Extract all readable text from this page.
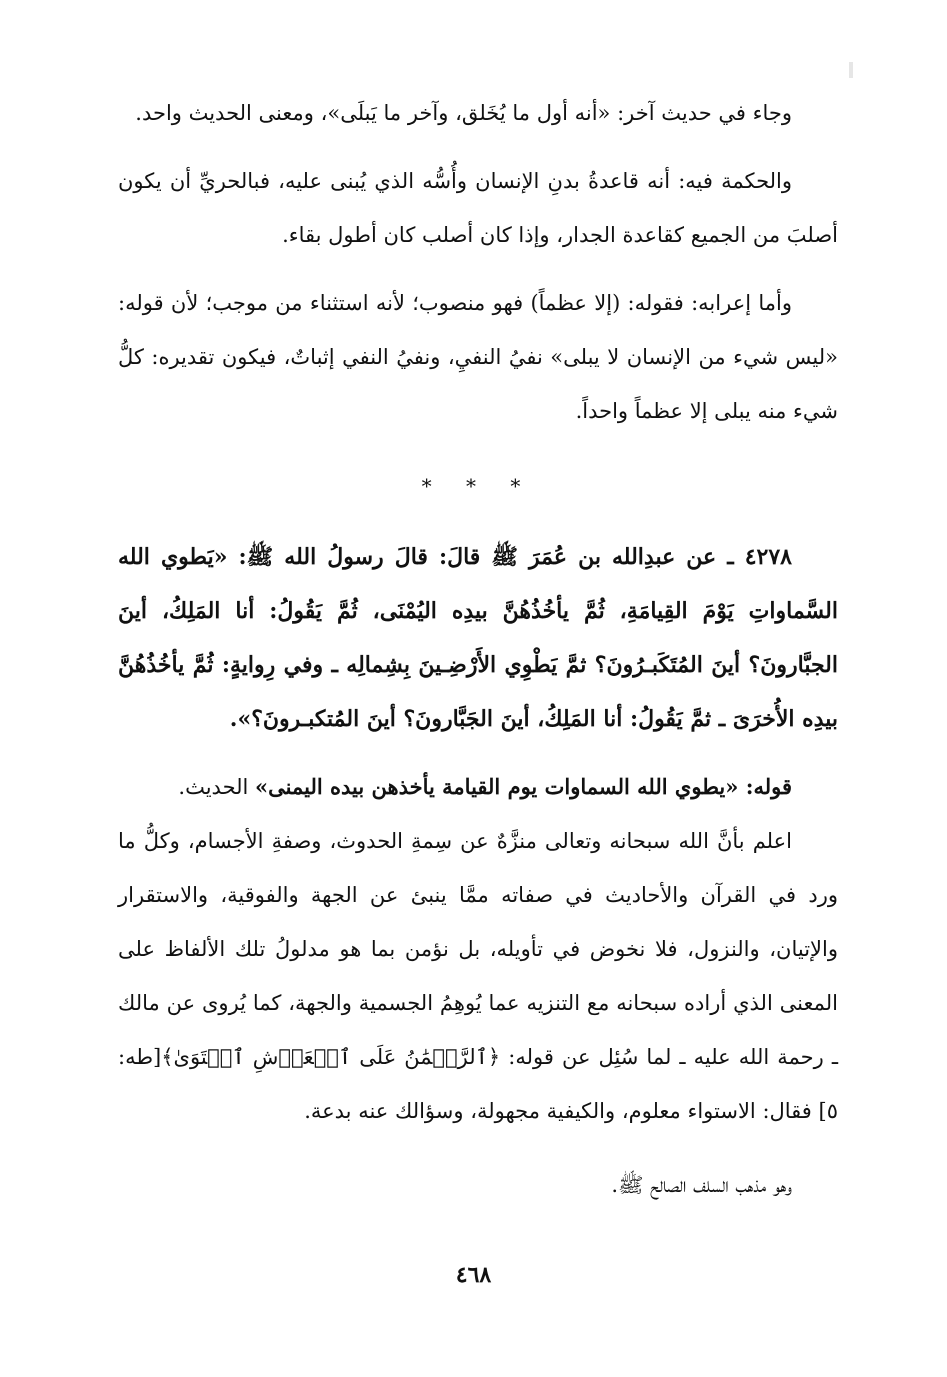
وجاء في حديث آخر: «أنه أول ما يُخَلق، وآخر ما يَبلَى»، ومعنى الحديث واحد.

والحكمة فيه: أنه قاعدةُ بدنِ الإنسان وأُسُّه الذي يُبنى عليه، فبالحريِّ أن يكون أصلبَ من الجميع كقاعدة الجدار، وإذا كان أصلب كان أطول بقاء.

وأما إعرابه: فقوله: (إلا عظماً) فهو منصوب؛ لأنه استثناء من موجب؛ لأن قوله: «ليس شيء من الإنسان لا يبلى» نفيُ النفيِ، ونفيُ النفي إثباتٌ، فيكون تقديره: كلُّ شيء منه يبلى إلا عظماً واحداً.

* * *

٤٢٧٨ ـ عن عبدِالله بن عُمَرَ ﷺ قالَ: قالَ رسولُ الله ﷺ: «يَطوي الله السَّماواتِ يَوْمَ القِيامَةِ، ثُمَّ يأخُذُهُنَّ بيدِه اليُمْنَى، ثُمَّ يَقُولُ: أنا المَلِكُ، أينَ الجبَّارونَ؟ أينَ المُتَكَبـرُونَ؟ ثمَّ يَطْوِي الأَرْضِـينَ بِشِمالِه ـ وفي رِوايةٍ: ثُمَّ يأخُذُهُنَّ بيدِه الأُخرَىَ ـ ثمَّ يَقُولُ: أنا المَلِكُ، أينَ الجَبَّارونَ؟ أينَ المُتكبـرونَ؟».

قوله: «يطوي الله السماوات يوم القيامة يأخذهن بيده اليمنى» الحديث.

اعلم بأنَّ الله سبحانه وتعالى منزَّهٌ عن سِمةِ الحدوث، وصفةِ الأجسام، وكلُّ ما ورد في القرآن والأحاديث في صفاته ممَّا ينبئ عن الجهة والفوقية، والاستقرار والإتيان، والنزول، فلا نخوض في تأويله، بل نؤمن بما هو مدلولُ تلك الألفاظ على المعنى الذي أراده سبحانه مع التنزيه عما يُوهِمُ الجسمية والجهة، كما يُروى عن مالك ـ رحمة الله عليه ـ لما سُئِل عن قوله: ﴿ٱلرَّحۡمَٰنُ عَلَى ٱلۡعَرۡشِ ٱسۡتَوَىٰ﴾[طه: ٥] فقال: الاستواء معلوم، والكيفية مجهولة، وسؤالك عنه بدعة.

وهو مذهب السلف الصالح ﷺ.

٤٦٨
